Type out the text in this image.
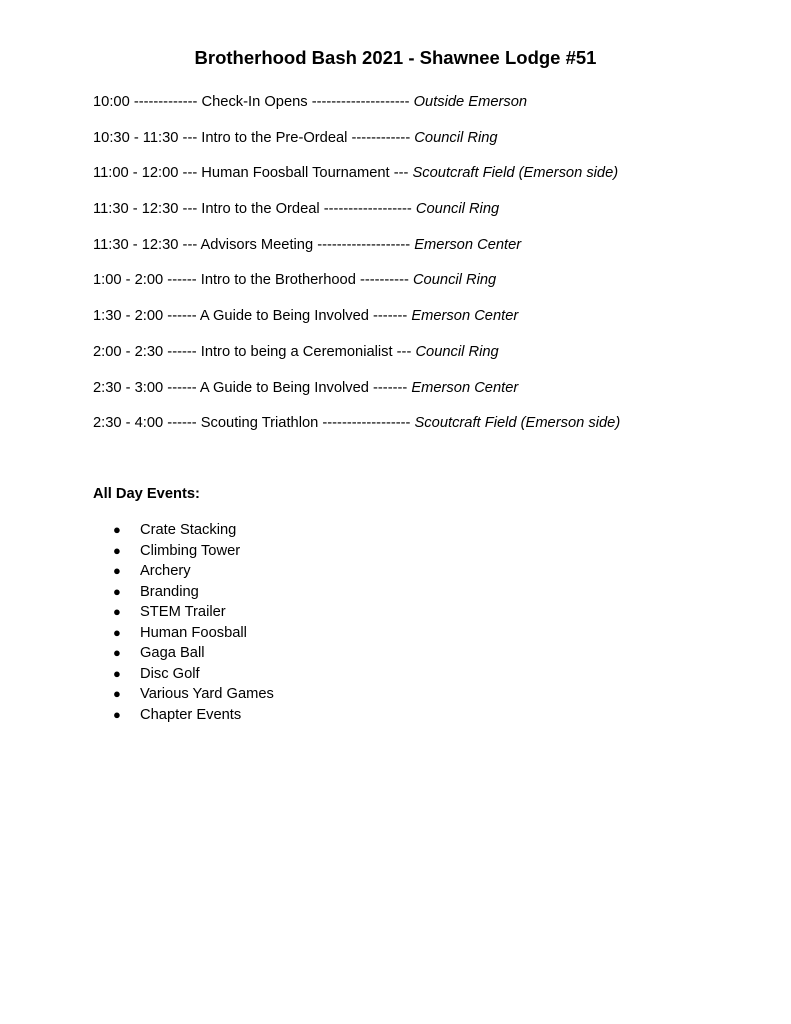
Brotherhood Bash 2021 - Shawnee Lodge #51
10:00 ------------- Check-In Opens -------------------- Outside Emerson
10:30 - 11:30 --- Intro to the Pre-Ordeal ------------ Council Ring
11:00 - 12:00 --- Human Foosball Tournament --- Scoutcraft Field (Emerson side)
11:30 - 12:30 --- Intro to the Ordeal ------------------ Council Ring
11:30 - 12:30 --- Advisors Meeting ------------------- Emerson Center
1:00 - 2:00 ------ Intro to the Brotherhood ---------- Council Ring
1:30 - 2:00 ------ A Guide to Being Involved ------- Emerson Center
2:00 - 2:30 ------ Intro to being a Ceremonialist --- Council Ring
2:30 - 3:00 ------ A Guide to Being Involved ------- Emerson Center
2:30 - 4:00 ------ Scouting Triathlon ------------------ Scoutcraft Field (Emerson side)
All Day Events:
● Crate Stacking
● Climbing Tower
● Archery
● Branding
● STEM Trailer
● Human Foosball
● Gaga Ball
● Disc Golf
● Various Yard Games
● Chapter Events
